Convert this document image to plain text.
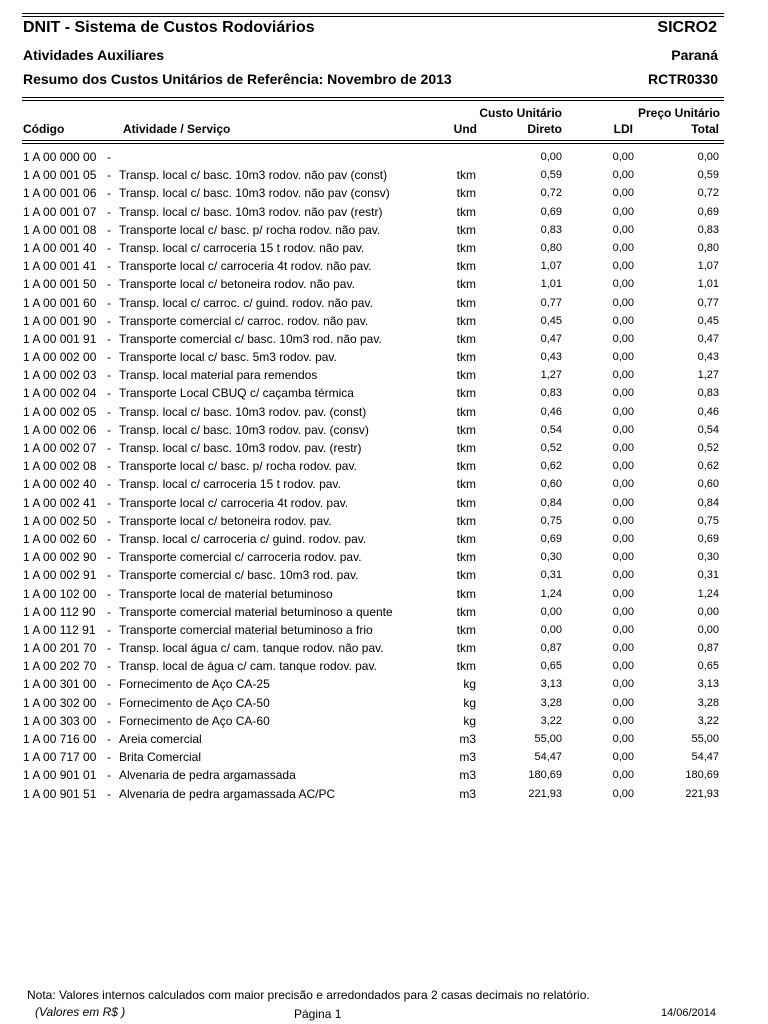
DNIT - Sistema de Custos Rodoviários	SICRO2
Atividades Auxiliares	Paraná
Resumo dos Custos Unitários de Referência: Novembro de 2013	RCTR0330
Custo Unitário	Preço Unitário
Código	Atividade / Serviço	Und	Direto	LDI	Total
1 A 00 000 00 -	0,00	0,00	0,00
1 A 00 001 05 - Transp. local c/ basc. 10m3 rodov. não pav (const)	tkm	0,59	0,00	0,59
1 A 00 001 06 - Transp. local c/ basc. 10m3 rodov. não pav (consv)	tkm	0,72	0,00	0,72
1 A 00 001 07 - Transp. local c/ basc. 10m3 rodov. não pav (restr)	tkm	0,69	0,00	0,69
1 A 00 001 08 - Transporte local c/ basc. p/ rocha rodov. não pav.	tkm	0,83	0,00	0,83
1 A 00 001 40 - Transp. local c/ carroceria 15 t rodov. não pav.	tkm	0,80	0,00	0,80
1 A 00 001 41 - Transporte local c/ carroceria 4t rodov. não pav.	tkm	1,07	0,00	1,07
1 A 00 001 50 - Transporte local c/ betoneira rodov. não pav.	tkm	1,01	0,00	1,01
1 A 00 001 60 - Transp. local c/ carroc. c/ guind. rodov. não pav.	tkm	0,77	0,00	0,77
1 A 00 001 90 - Transporte comercial c/ carroc. rodov. não pav.	tkm	0,45	0,00	0,45
1 A 00 001 91 - Transporte comercial c/ basc. 10m3 rod. não pav.	tkm	0,47	0,00	0,47
1 A 00 002 00 - Transporte local c/ basc. 5m3 rodov. pav.	tkm	0,43	0,00	0,43
1 A 00 002 03 - Transp. local material para remendos	tkm	1,27	0,00	1,27
1 A 00 002 04 - Transporte Local CBUQ c/ caçamba térmica	tkm	0,83	0,00	0,83
1 A 00 002 05 - Transp. local c/ basc. 10m3 rodov. pav. (const)	tkm	0,46	0,00	0,46
1 A 00 002 06 - Transp. local c/ basc. 10m3 rodov. pav. (consv)	tkm	0,54	0,00	0,54
1 A 00 002 07 - Transp. local c/ basc. 10m3 rodov. pav. (restr)	tkm	0,52	0,00	0,52
1 A 00 002 08 - Transporte local c/ basc. p/ rocha rodov. pav.	tkm	0,62	0,00	0,62
1 A 00 002 40 - Transp. local c/ carroceria 15 t rodov. pav.	tkm	0,60	0,00	0,60
1 A 00 002 41 - Transporte local c/ carroceria 4t rodov. pav.	tkm	0,84	0,00	0,84
1 A 00 002 50 - Transporte local c/ betoneira rodov. pav.	tkm	0,75	0,00	0,75
1 A 00 002 60 - Transp. local c/ carroceria c/ guind. rodov. pav.	tkm	0,69	0,00	0,69
1 A 00 002 90 - Transporte comercial c/ carroceria rodov. pav.	tkm	0,30	0,00	0,30
1 A 00 002 91 - Transporte comercial c/ basc. 10m3 rod. pav.	tkm	0,31	0,00	0,31
1 A 00 102 00 - Transporte local de material betuminoso	tkm	1,24	0,00	1,24
1 A 00 112 90 - Transporte comercial material betuminoso a quente	tkm	0,00	0,00	0,00
1 A 00 112 91 - Transporte comercial material betuminoso a frio	tkm	0,00	0,00	0,00
1 A 00 201 70 - Transp. local água c/ cam. tanque rodov. não pav.	tkm	0,87	0,00	0,87
1 A 00 202 70 - Transp. local de água c/ cam. tanque rodov. pav.	tkm	0,65	0,00	0,65
1 A 00 301 00 - Fornecimento de Aço CA-25	kg	3,13	0,00	3,13
1 A 00 302 00 - Fornecimento de Aço CA-50	kg	3,28	0,00	3,28
1 A 00 303 00 - Fornecimento de Aço CA-60	kg	3,22	0,00	3,22
1 A 00 716 00 - Areia comercial	m3	55,00	0,00	55,00
1 A 00 717 00 - Brita Comercial	m3	54,47	0,00	54,47
1 A 00 901 01 - Alvenaria de pedra argamassada	m3	180,69	0,00	180,69
1 A 00 901 51 - Alvenaria de pedra argamassada AC/PC	m3	221,93	0,00	221,93
Nota: Valores internos calculados com maior precisão e arredondados para 2 casas decimais no relatório.
(Valores em R$ )	Página 1	14/06/2014
